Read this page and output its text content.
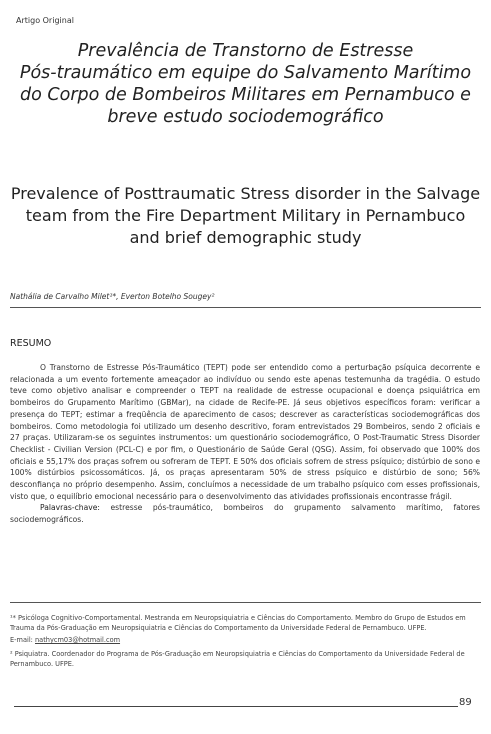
Artigo Original
Prevalência de Transtorno de Estresse
Pós-traumático em equipe do Salvamento Marítimo
do Corpo de Bombeiros Militares em Pernambuco e
breve estudo sociodemográfico
Prevalence of Posttraumatic Stress disorder in the Salvage
team from the Fire Department Military in Pernambuco
and brief demographic study
Nathália de Carvalho Milet¹*, Everton Botelho Sougey²
RESUMO

O Transtorno de Estresse Pós-Traumático (TEPT) pode ser entendido como a perturbação psíquica decorrente e relacionada a um evento fortemente ameaçador ao indivíduo ou sendo este apenas testemunha da tragédia. O estudo teve como objetivo analisar e compreender o TEPT na realidade de estresse ocupacional e doença psiquiátrica em bombeiros do Grupamento Marítimo (GBMar), na cidade de Recife-PE. Já seus objetivos específicos foram: verificar a presença do TEPT; estimar a freqüência de aparecimento de casos; descrever as características sociodemográficas dos bombeiros. Como metodologia foi utilizado um desenho descritivo, foram entrevistados 29 Bombeiros, sendo 2 oficiais e 27 praças. Utilizaram-se os seguintes instrumentos: um questionário sociodemográfico, O Post-Traumatic Stress Disorder Checklist - Civilian Version (PCL-C) e por fim, o Questionário de Saúde Geral (QSG). Assim, foi observado que 100% dos oficiais e 55,17% dos praças sofrem ou sofreram de TEPT. E 50% dos oficiais sofrem de stress psíquico; distúrbio de sono e 100% distúrbios psicossomáticos. Já, os praças apresentaram 50% de stress psíquico e distúrbio de sono; 56% desconfiança no próprio desempenho. Assim, concluímos a necessidade de um trabalho psíquico com esses profissionais, visto que, o equilíbrio emocional necessário para o desenvolvimento das atividades profissionais encontrasse frágil.

Palavras-chave: estresse pós-traumático, bombeiros do grupamento salvamento marítimo, fatores sociodemográficos.

¹* Psicóloga Cognitivo-Comportamental. Mestranda em Neuropsiquiatria e Ciências do Comportamento. Membro do Grupo de Estudos em Trauma da Pós-Graduação em Neuropsiquiatria e Ciências do Comportamento da Universidade Federal de Pernambuco. UFPE.

E-mail: nathycm03@hotmail.com

² Psiquiatra. Coordenador do Programa de Pós-Graduação em Neuropsiquiatria e Ciências do Comportamento da Universidade Federal de Pernambuco. UFPE.

89
